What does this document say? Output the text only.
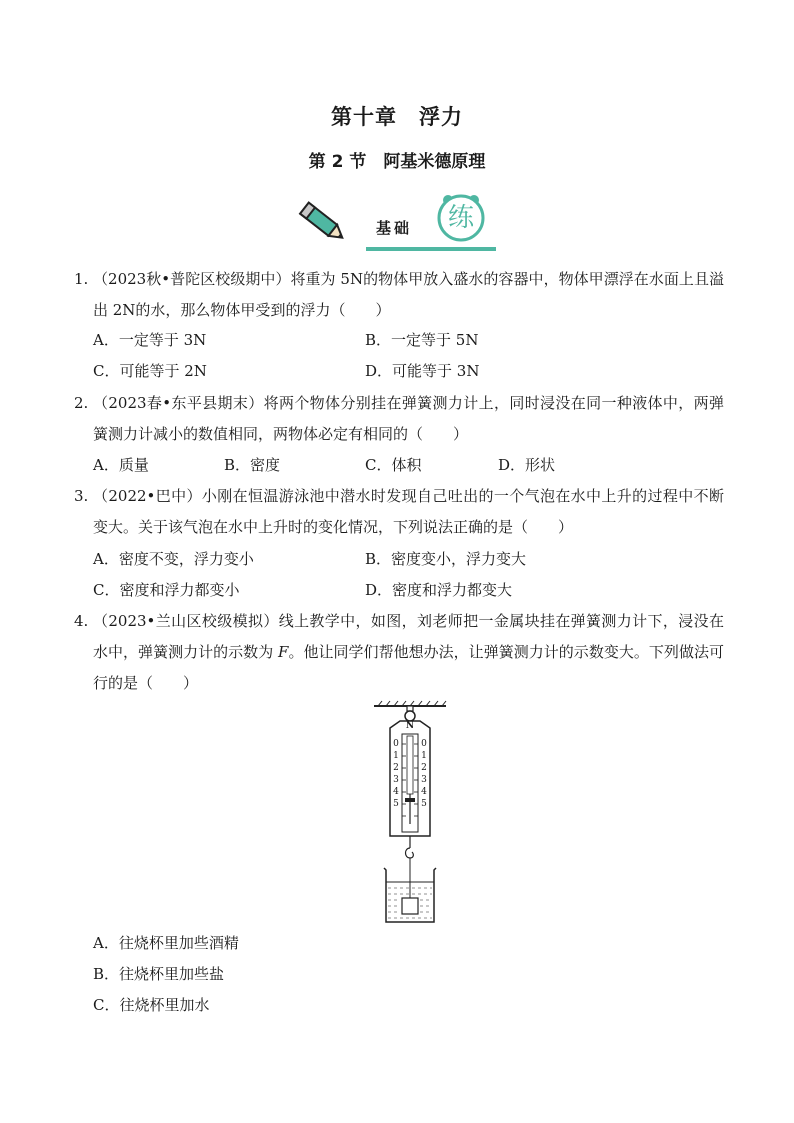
第十章　浮力
第 2 节　阿基米德原理
基础 练
1. （2023秋•普陀区校级期中）将重为 5N的物体甲放入盛水的容器中，物体甲漂浮在水面上且溢出 2N的水，那么物体甲受到的浮力（　　）
A．一定等于 3N	B．一定等于 5N
C．可能等于 2N	D．可能等于 3N
2. （2023春•东平县期末）将两个物体分别挂在弹簧测力计上，同时浸没在同一种液体中，两弹簧测力计减小的数值相同，两物体必定有相同的（　　）
A．质量	B．密度	C．体积	D．形状
3. （2022•巴中）小刚在恒温游泳池中潜水时发现自己吐出的一个气泡在水中上升的过程中不断变大。关于该气泡在水中上升时的变化情况，下列说法正确的是（　　）
A．密度不变，浮力变小	B．密度变小，浮力变大
C．密度和浮力都变小	D．密度和浮力都变大
4. （2023•兰山区校级模拟）线上教学中，如图，刘老师把一金属块挂在弹簧测力计下，浸没在水中，弹簧测力计的示数为 F。他让同学们帮他想办法，让弹簧测力计的示数变大。下列做法可行的是（　　）
N
0
1
2
3
4
5
0
1
2
3
4
5
A．往烧杯里加些酒精
B．往烧杯里加些盐
C．往烧杯里加水
